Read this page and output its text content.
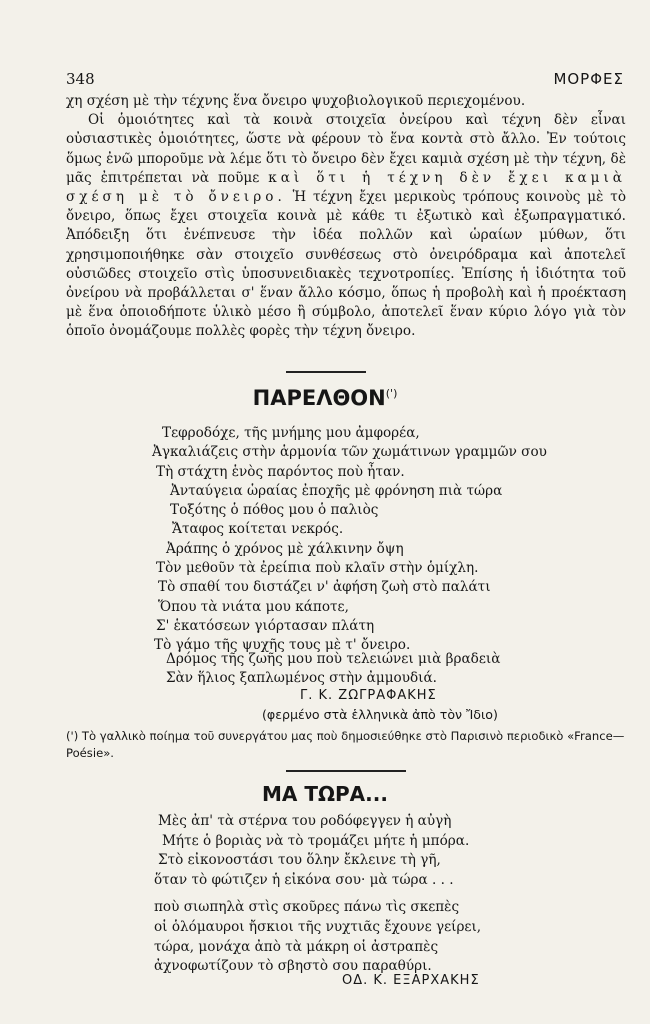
348	ΜΟΡΦΕΣ

χη σχέση μὲ τὴν τέχνης ἕνα ὄνειρο ψυχοβιολογικοῦ περιεχομένου.

Οἱ ὁμοιότητες καὶ τὰ κοινὰ στοιχεῖα ὀνείρου καὶ τέχνη δὲν εἶναι οὐσιαστικὲς ὁμοιότητες, ὥστε νὰ φέρουν τὸ ἕνα κοντὰ στὸ ἄλλο. Ἐν τούτοις ὅμως ἐνῶ μποροῦμε νὰ λέμε ὅτι τὸ ὄνειρο δὲν ἔχει καμιὰ σχέση μὲ τὴν τέχνη, δὲ μᾶς ἐπιτρέπεται νὰ ποῦμε καὶ ὅτι ἡ τέχνη δὲν ἔχει καμιὰ σχέση μὲ τὸ ὄνειρο. Ἡ τέχνη ἔχει μερικοὺς τρόπους κοινοὺς μὲ τὸ ὄνειρο, ὅπως ἔχει στοιχεῖα κοινὰ μὲ κάθε τι ἐξωτικὸ καὶ ἐξωπραγματικό. Ἀπόδειξη ὅτι ἐνέπνευσε τὴν ἰδέα πολλῶν καὶ ὡραίων μύθων, ὅτι χρησιμοποιήθηκε σὰν στοιχεῖο συνθέσεως στὸ ὀνειρόδραμα καὶ ἀποτελεῖ οὐσιῶδες στοιχεῖο στὶς ὑποσυνειδιακὲς τεχνοτροπίες. Ἐπίσης ἡ ἰδιότητα τοῦ ὀνείρου νὰ προβάλλεται σ' ἕναν ἄλλο κόσμο, ὅπως ἡ προβολὴ καὶ ἡ προέκταση μὲ ἕνα ὁποιοδήποτε ὑλικὸ μέσο ἢ σύμβολο, ἀποτελεῖ ἕναν κύριο λόγο γιὰ τὸν ὁποῖο ὀνομάζουμε πολλὲς φορὲς τὴν τέχνη ὄνειρο.

ΠΑΡΕΛΘΟΝ(')
Τεφροδόχε, τῆς μνήμης μου ἀμφορέα,
Ἀγκαλιάζεις στὴν ἁρμονία τῶν χωμάτινων γραμμῶν σου
Τὴ στάχτη ἑνὸς παρόντος ποὺ ἦταν.
Ἀνταύγεια ὡραίας ἐποχῆς μὲ φρόνηση πιὰ τώρα
Τοξότης ὁ πόθος μου ὁ παλιὸς
Ἄταφος κοίτεται νεκρός.
Ἀράπης ὁ χρόνος μὲ χάλκινην ὄψη
Τὸν μεθοῦν τὰ ἐρείπια ποὺ κλαῖν στὴν ὁμίχλη.
Τὸ σπαθί του διστάζει ν' ἀφήση ζωὴ στὸ παλάτι
Ὅπου τὰ νιάτα μου κάποτε,
Σ' ἑκατόσεων γιόρτασαν πλάτη
Τὸ γάμο τῆς ψυχῆς τους μὲ τ' ὄνειρο.
Δρόμος τῆς ζωῆς μου ποὺ τελειώνει μιὰ βραδειὰ
Σὰν ἥλιος ξαπλωμένος στὴν ἀμμουδιά.
Γ. Κ. ΖΩΓΡΑΦΑΚΗΣ
(φερμένο στὰ ἑλληνικὰ ἀπὸ τὸν Ἴδιο)
(') Τὸ γαλλικὸ ποίημα τοῦ συνεργάτου μας ποὺ δημοσιεύθηκε στὸ Παρισινὸ περιοδικὸ «France—Poésie».
ΜΑ ΤΩΡΑ...
Μὲς ἀπ' τὰ στέρνα του ροδόφεγγεν ἡ αὐγὴ
Μήτε ὁ βοριὰς νὰ τὸ τρομάζει μήτε ἡ μπόρα.
Στὸ εἰκονοστάσι του ὅλην ἔκλεινε τὴ γῆ,
ὅταν τὸ φώτιζεν ἡ εἰκόνα σου· μὰ τώρα . . .
ποὺ σιωπηλὰ στὶς σκοῦρες πάνω τὶς σκεπὲς
οἱ ὁλόμαυροι ἤσκιοι τῆς νυχτιᾶς ἔχουνε γείρει,
τώρα, μονάχα ἀπὸ τὰ μάκρη οἱ ἀστραπὲς
ἀχνοφωτίζουν τὸ σβηστὸ σου παραθύρι.
ΟΔ. Κ. ΕΞΑΡΧΑΚΗΣ
